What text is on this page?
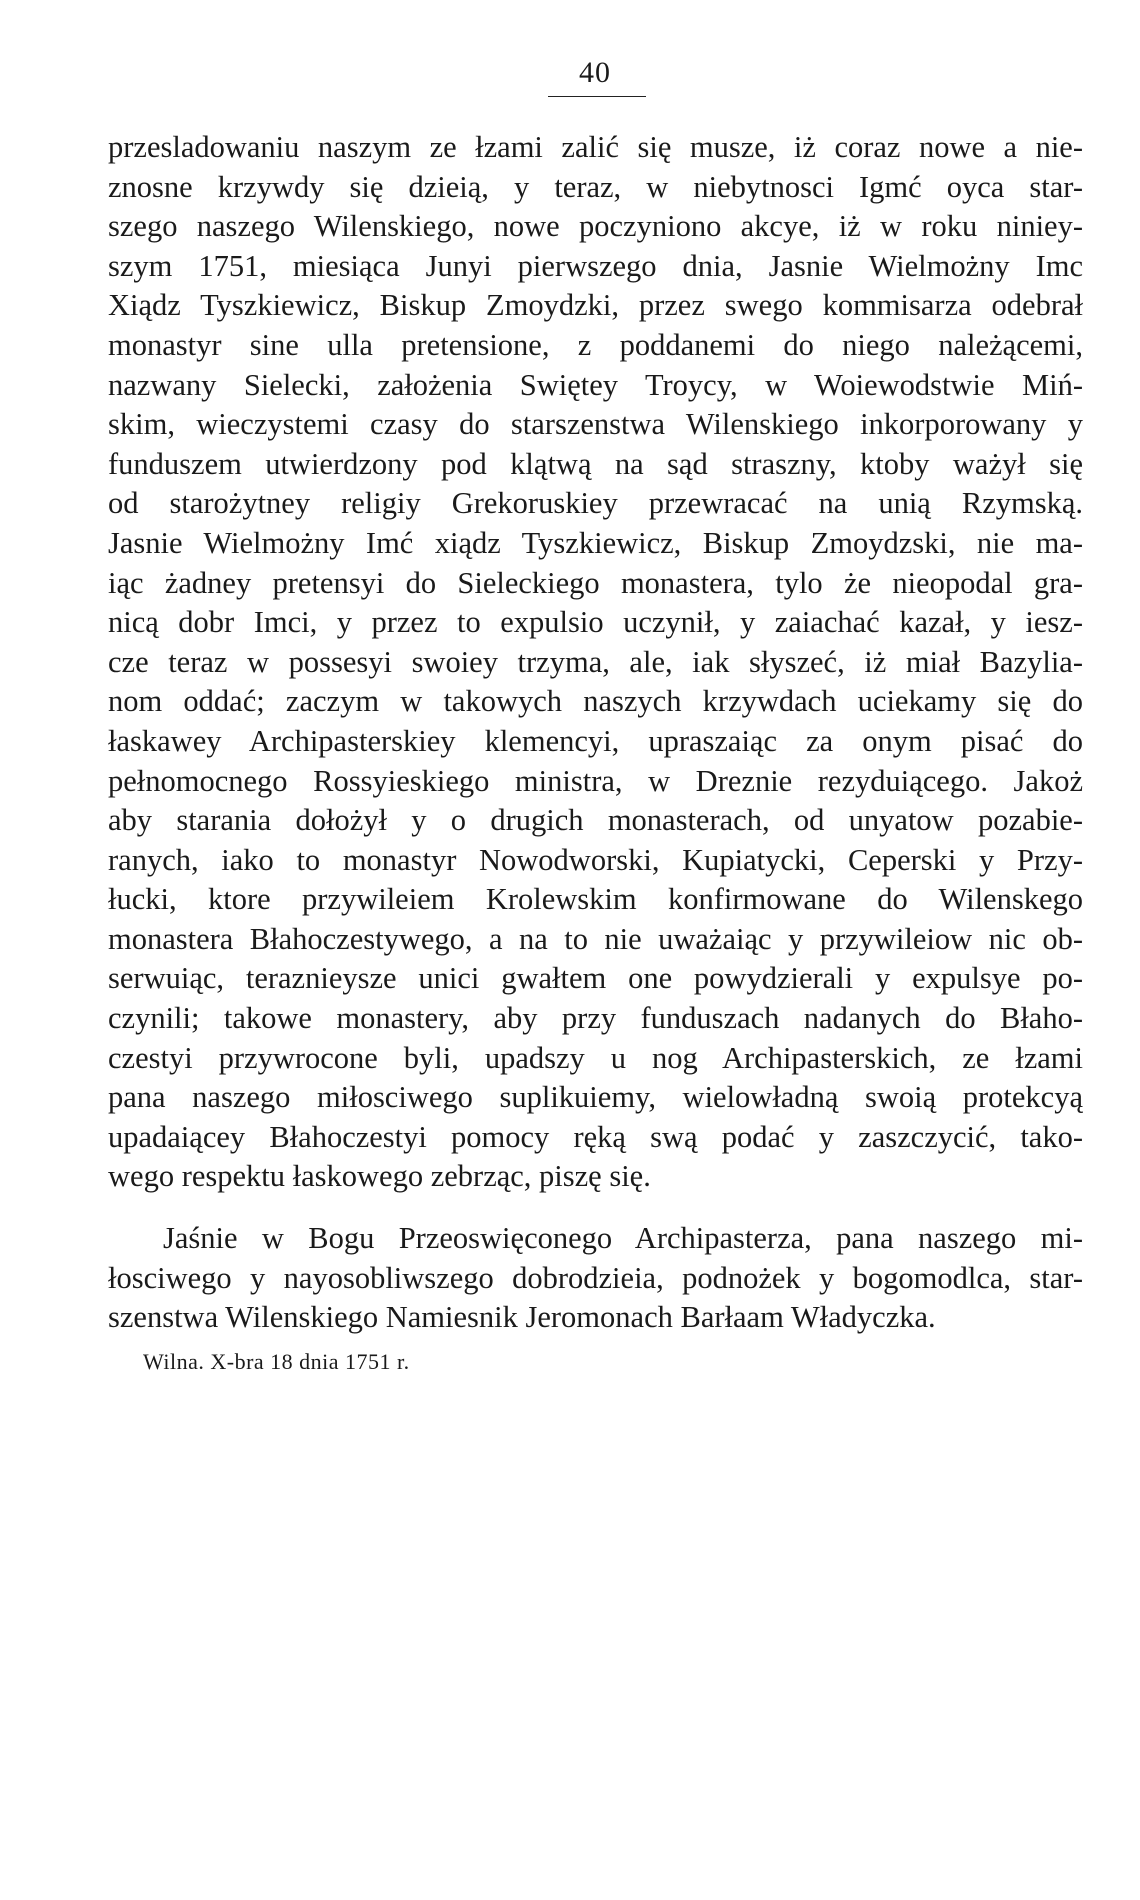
40
przesladowaniu naszym ze łzami zalić się musze, iż coraz nowe a nie-
znosne krzywdy się dzieią, y teraz, w niebytnosci Igmć oyca star-
szego naszego Wilenskiego, nowe poczyniono akcye, iż w roku niniey-
szym 1751, miesiąca Junyi pierwszego dnia, Jasnie Wielmożny Imc
Xiądz Tyszkiewicz, Biskup Zmoydzki, przez swego kommisarza odebrał
monastyr sine ulla pretensione, z poddanemi do niego należącemi,
nazwany Sielecki, założenia Swiętey Troycy, w Woiewodstwie Miń-
skim, wieczystemi czasy do starszenstwa Wilenskiego inkorporowany y
funduszem utwierdzony pod klątwą na sąd straszny, ktoby ważył się
od starożytney religiy Grekoruskiey przewracać na unią Rzymską.
Jasnie Wielmożny Imć xiądz Tyszkiewicz, Biskup Zmoydzski, nie ma-
iąc żadney pretensyi do Sieleckiego monastera, tylo że nieopodal gra-
nicą dobr Imci, y przez to expulsio uczynił, y zaiachać kazał, y iesz-
cze teraz w possesyi swoiey trzyma, ale, iak słyszeć, iż miał Bazylia-
nom oddać; zaczym w takowych naszych krzywdach uciekamy się do
łaskawey Archipasterskiey klemencyi, upraszaiąc za onym pisać do
pełnomocnego Rossyieskiego ministra, w Dreznie rezyduiącego. Jakoż
aby starania dołożył y o drugich monasterach, od unyatow pozabie-
ranych, iako to monastyr Nowodworski, Kupiatycki, Ceperski y Przy-
łucki, ktore przywileiem Krolewskim konfirmowane do Wilenskego
monastera Błahoczestywego, a na to nie uważaiąc y przywileiow nic ob-
serwuiąc, teraznieysze unici gwałtem one powydzierali y expulsye po-
czynili; takowe monastery, aby przy funduszach nadanych do Błaho-
czestyi przywrocone byli, upadszy u nog Archipasterskich, ze łzami
pana naszego miłosciwego suplikuiemy, wielowładną swoią protekcyą
upadaiącey Błahoczestyi pomocy ręką swą podać y zaszczycić, tako-
wego respektu łaskowego zebrząc, piszę się.
Jaśnie w Bogu Przeoswięconego Archipasterza, pana naszego mi-
łosciwego y nayosobliwszego dobrodzieia, podnożek y bogomodlca, star-
szenstwa Wilenskiego Namiesnik Jeromonach Barłaam Władyczka.
Wilna. X-bra 18 dnia 1751 r.
